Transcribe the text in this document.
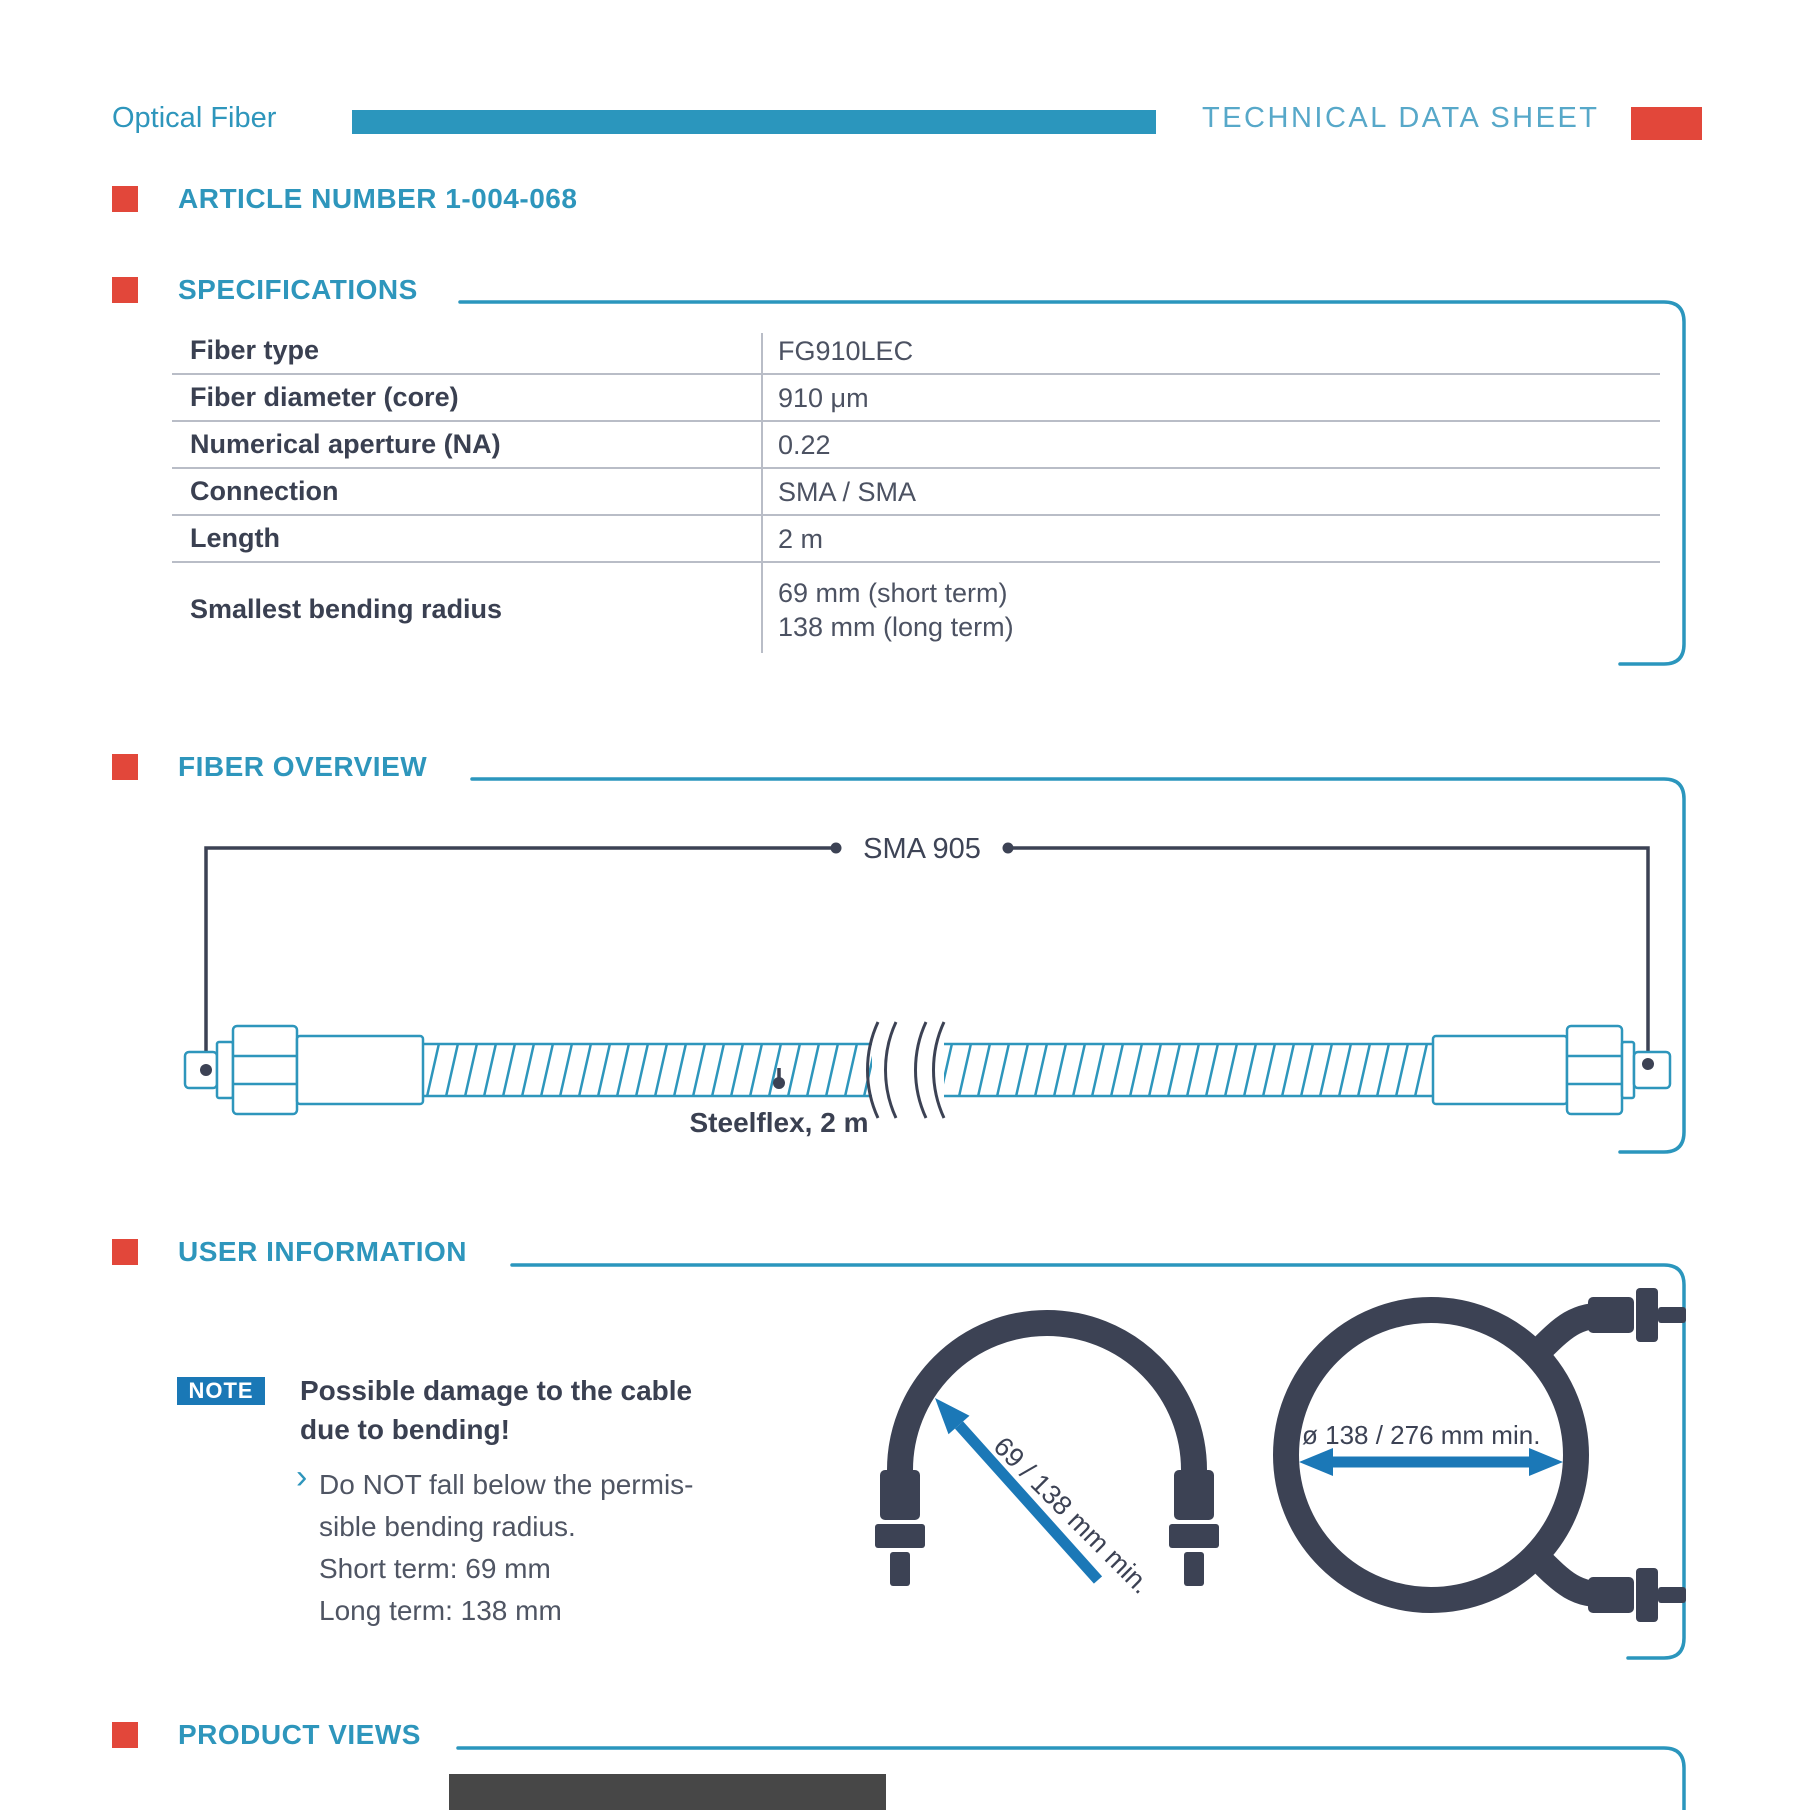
Optical Fiber	TECHNICAL DATA SHEET
ARTICLE NUMBER 1-004-068
SPECIFICATIONS
Fiber type	FG910LEC
Fiber diameter (core)	910 μm
Numerical aperture (NA)	0.22
Connection	SMA / SMA
Length	2 m
Smallest bending radius
69 mm (short term)
138 mm (long term)
FIBER OVERVIEW
SMA 905
Steelflex, 2 m
USER INFORMATION
NOTE	Possible damage to the cable
due to bending!
› Do NOT fall below the permis-
sible bending radius.
Short term: 69 mm
Long term: 138 mm
69 / 138 mm min.	ø 138 / 276 mm min.
PRODUCT VIEWS
